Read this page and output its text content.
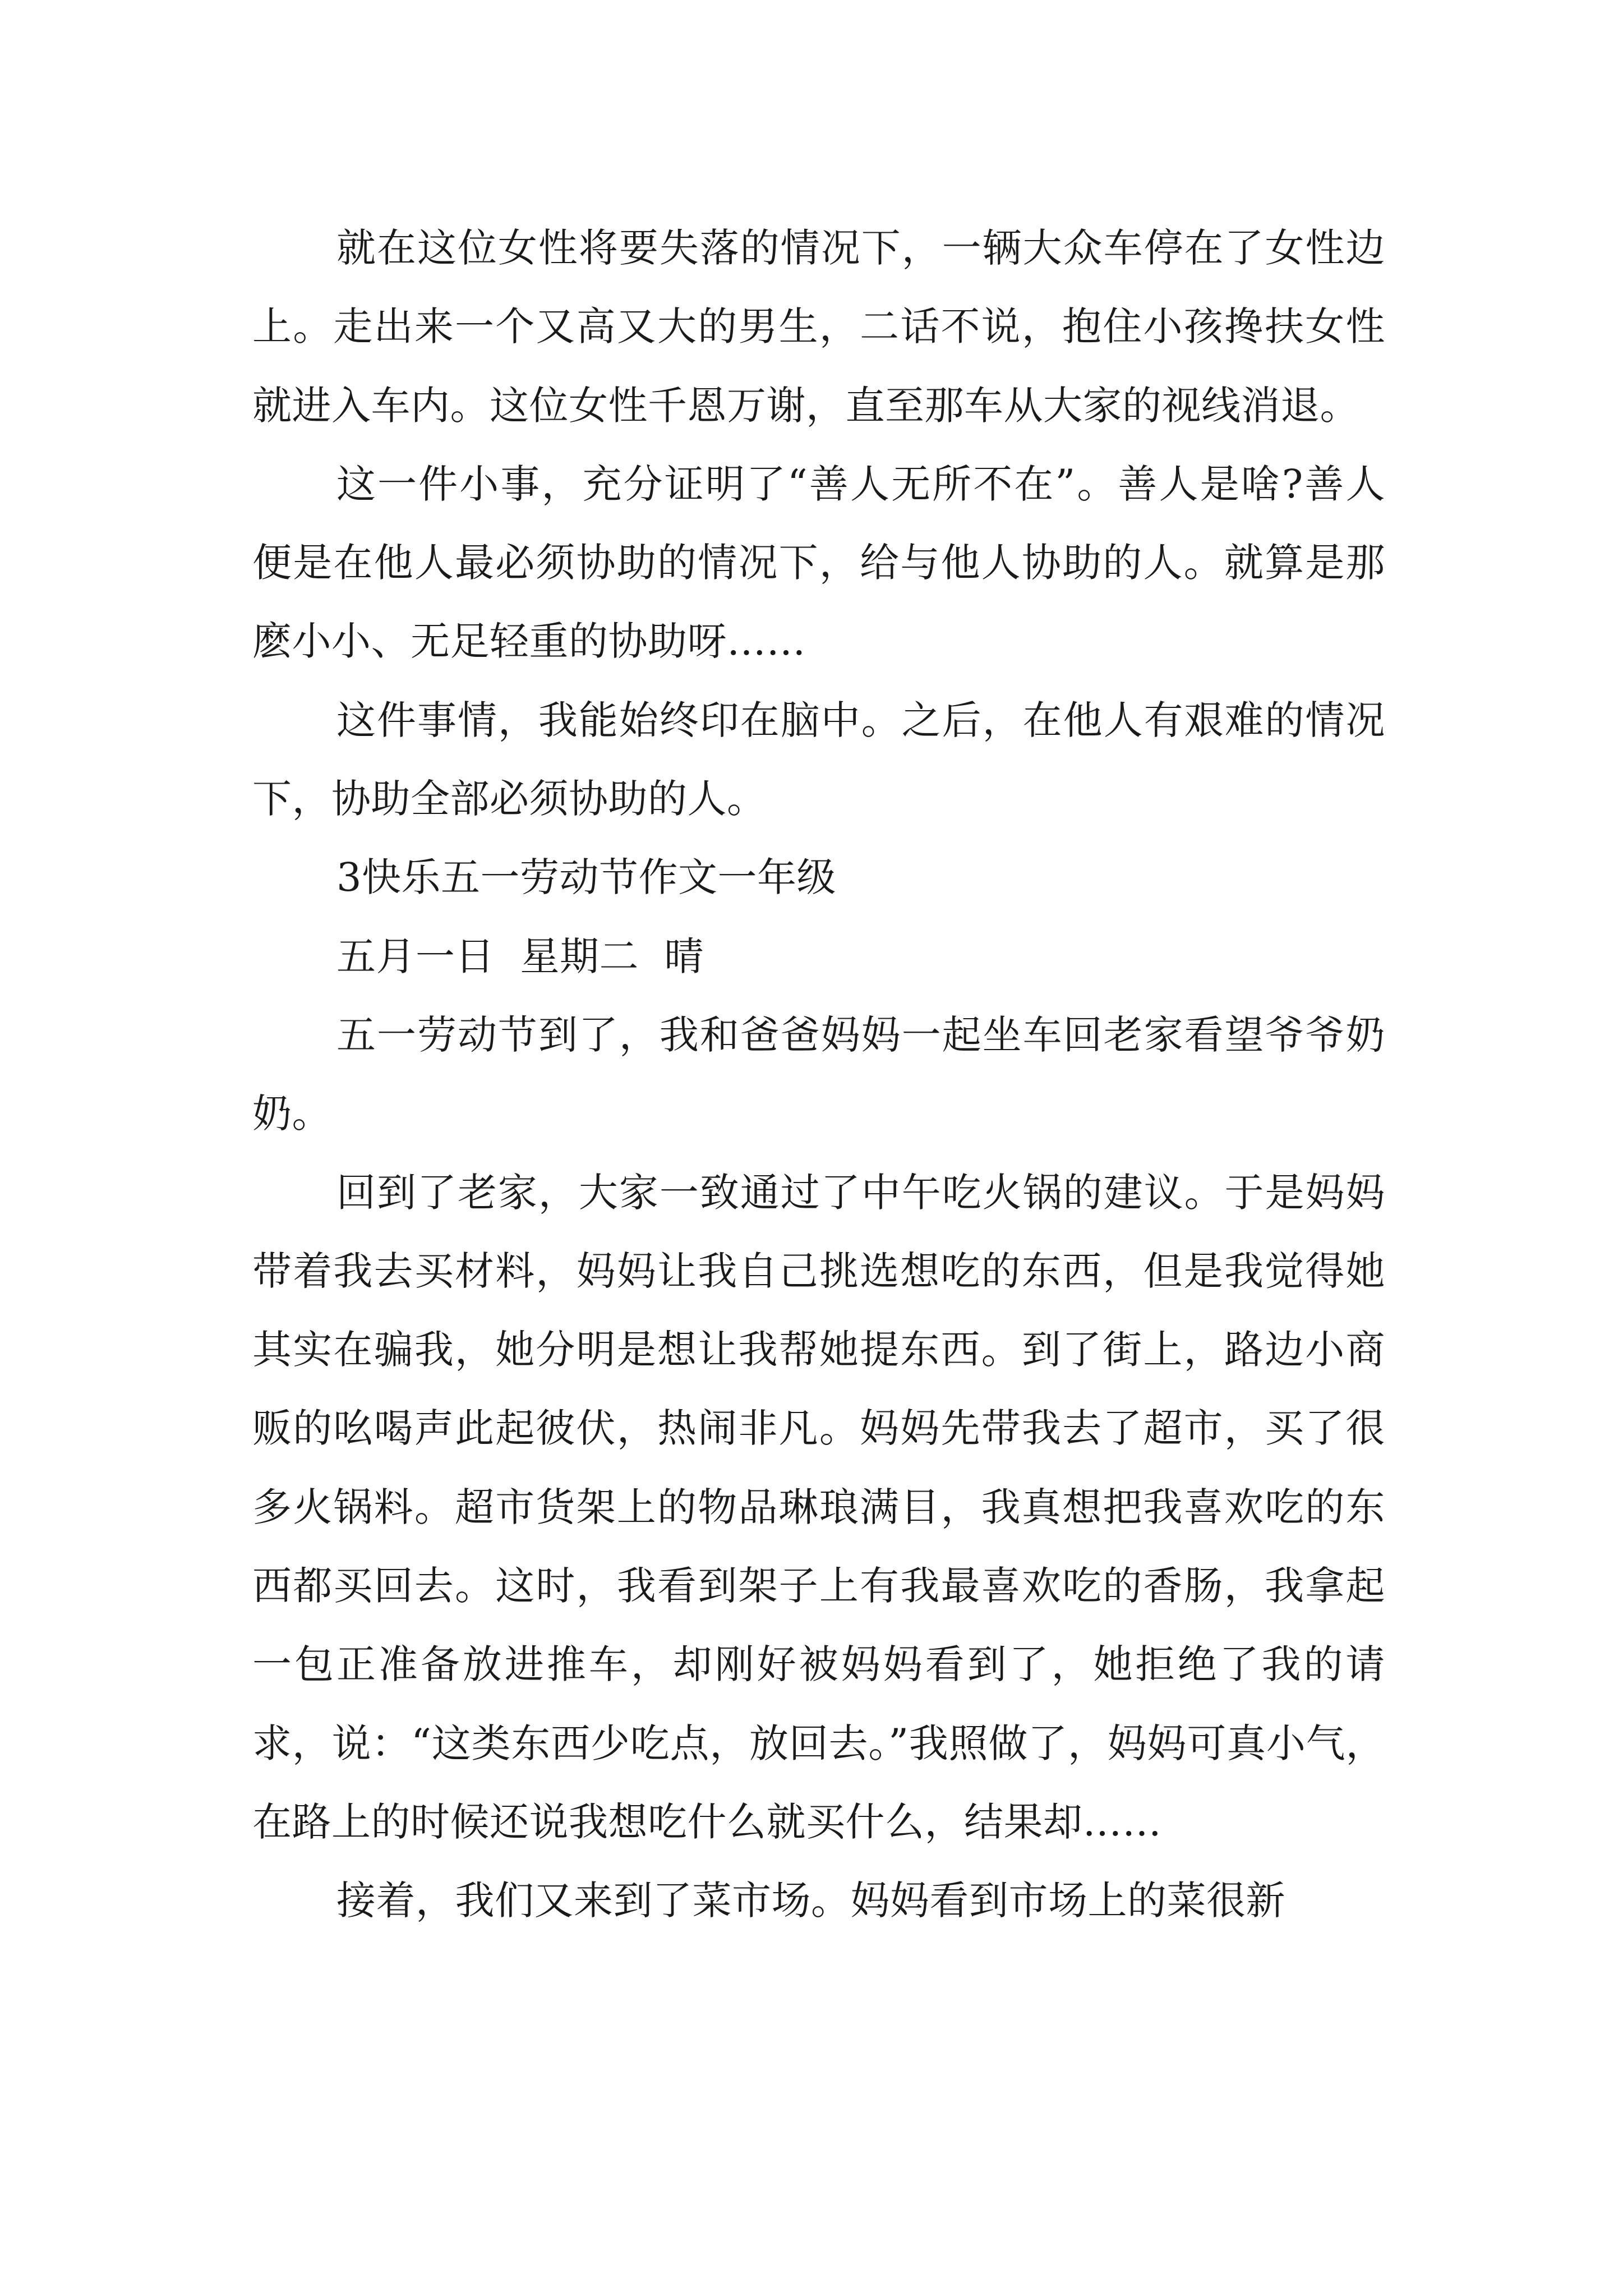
就在这位女性将要失落的情况下，一辆大众车停在了女性边上。走出来一个又高又大的男生，二话不说，抱住小孩搀扶女性就进入车内。这位女性千恩万谢，直至那车从大家的视线消退。

这一件小事，充分证明了“善人无所不在”。善人是啥?善人便是在他人最必须协助的情况下，给与他人协助的人。就算是那麽小小、无足轻重的协助呀……

这件事情，我能始终印在脑中。之后，在他人有艰难的情况下，协助全部必须协助的人。

3快乐五一劳动节作文一年级

五月一日  星期二  晴

五一劳动节到了，我和爸爸妈妈一起坐车回老家看望爷爷奶奶。

回到了老家，大家一致通过了中午吃火锅的建议。于是妈妈带着我去买材料，妈妈让我自己挑选想吃的东西，但是我觉得她其实在骗我，她分明是想让我帮她提东西。到了街上，路边小商贩的吆喝声此起彼伏，热闹非凡。妈妈先带我去了超市，买了很多火锅料。超市货架上的物品琳琅满目，我真想把我喜欢吃的东西都买回去。这时，我看到架子上有我最喜欢吃的香肠，我拿起一包正准备放进推车，却刚好被妈妈看到了，她拒绝了我的请求，说：“这类东西少吃点，放回去。”我照做了，妈妈可真小气，在路上的时候还说我想吃什么就买什么，结果却……

接着，我们又来到了菜市场。妈妈看到市场上的菜很新
